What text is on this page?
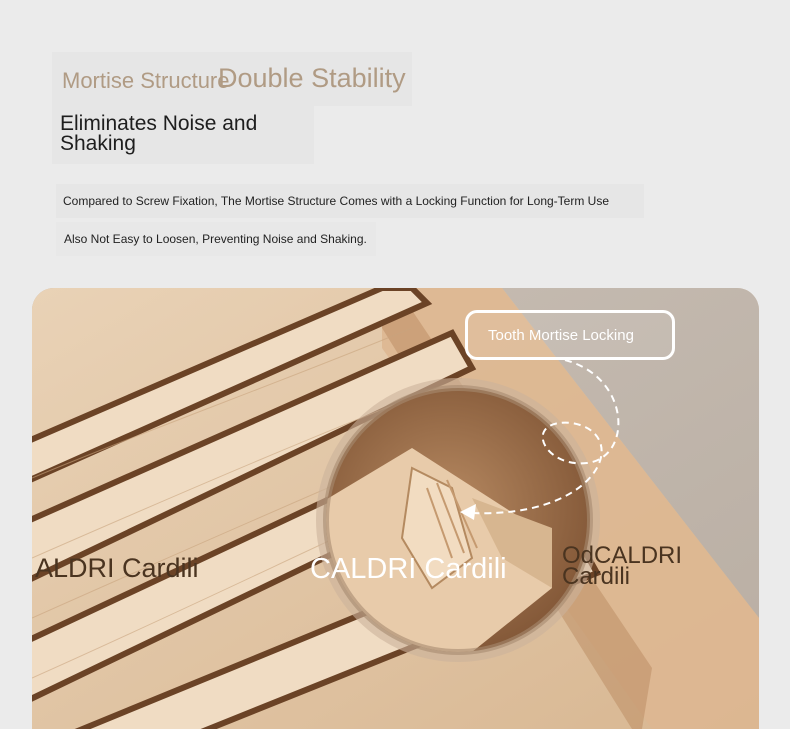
Mortise Structure
Double Stability
Eliminates Noise and Shaking
Compared to Screw Fixation, The Mortise Structure Comes with a Locking Function for Long-Term Use
Also Not Easy to Loosen, Preventing Noise and Shaking.
Tooth Mortise Locking
ALDRI Cardili	CALDRI Cardili OdCALDRI Cardili
